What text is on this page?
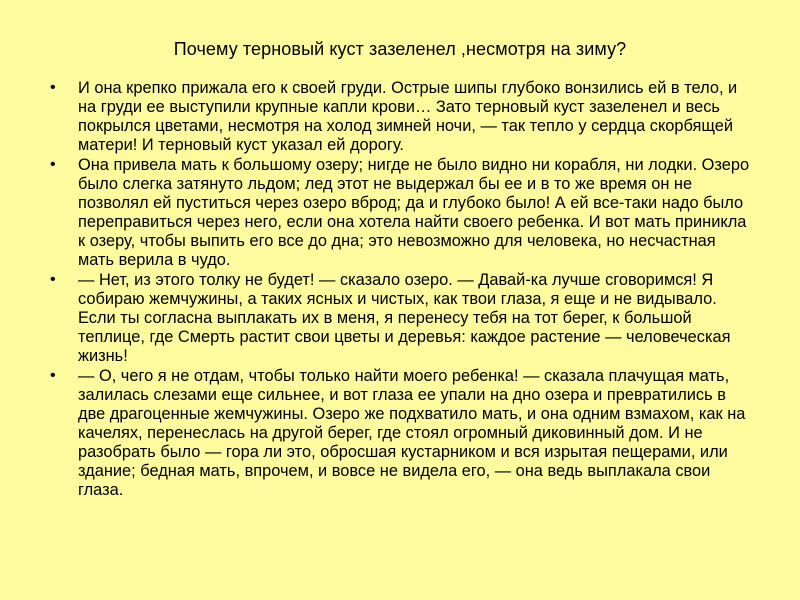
Почему терновый куст зазеленел ,несмотря на зиму?
• И она крепко прижала его к своей груди. Острые шипы глубоко вонзились ей в тело, и на груди ее выступили крупные капли крови… Зато терновый куст зазеленел и весь покрылся цветами, несмотря на холод зимней ночи, — так тепло у сердца скорбящей матери! И терновый куст указал ей дорогу.
• Она привела мать к большому озеру; нигде не было видно ни корабля, ни лодки. Озеро было слегка затянуто льдом; лед этот не выдержал бы ее и в то же время он не позволял ей пуститься через озеро вброд; да и глубоко было! А ей все-таки надо было переправиться через него, если она хотела найти своего ребенка. И вот мать приникла к озеру, чтобы выпить его все до дна; это невозможно для человека, но несчастная мать верила в чудо.
• — Нет, из этого толку не будет! — сказало озеро. — Давай-ка лучше сговоримся! Я собираю жемчужины, а таких ясных и чистых, как твои глаза, я еще и не видывало. Если ты согласна выплакать их в меня, я перенесу тебя на тот берег, к большой теплице, где Смерть растит свои цветы и деревья: каждое растение — человеческая жизнь!
• — О, чего я не отдам, чтобы только найти моего ребенка! — сказала плачущая мать, залилась слезами еще сильнее, и вот глаза ее упали на дно озера и превратились в две драгоценные жемчужины. Озеро же подхватило мать, и она одним взмахом, как на качелях, перенеслась на другой берег, где стоял огромный диковинный дом. И не разобрать было — гора ли это, обросшая кустарником и вся изрытая пещерами, или здание; бедная мать, впрочем, и вовсе не видела его, — она ведь выплакала свои глаза.
